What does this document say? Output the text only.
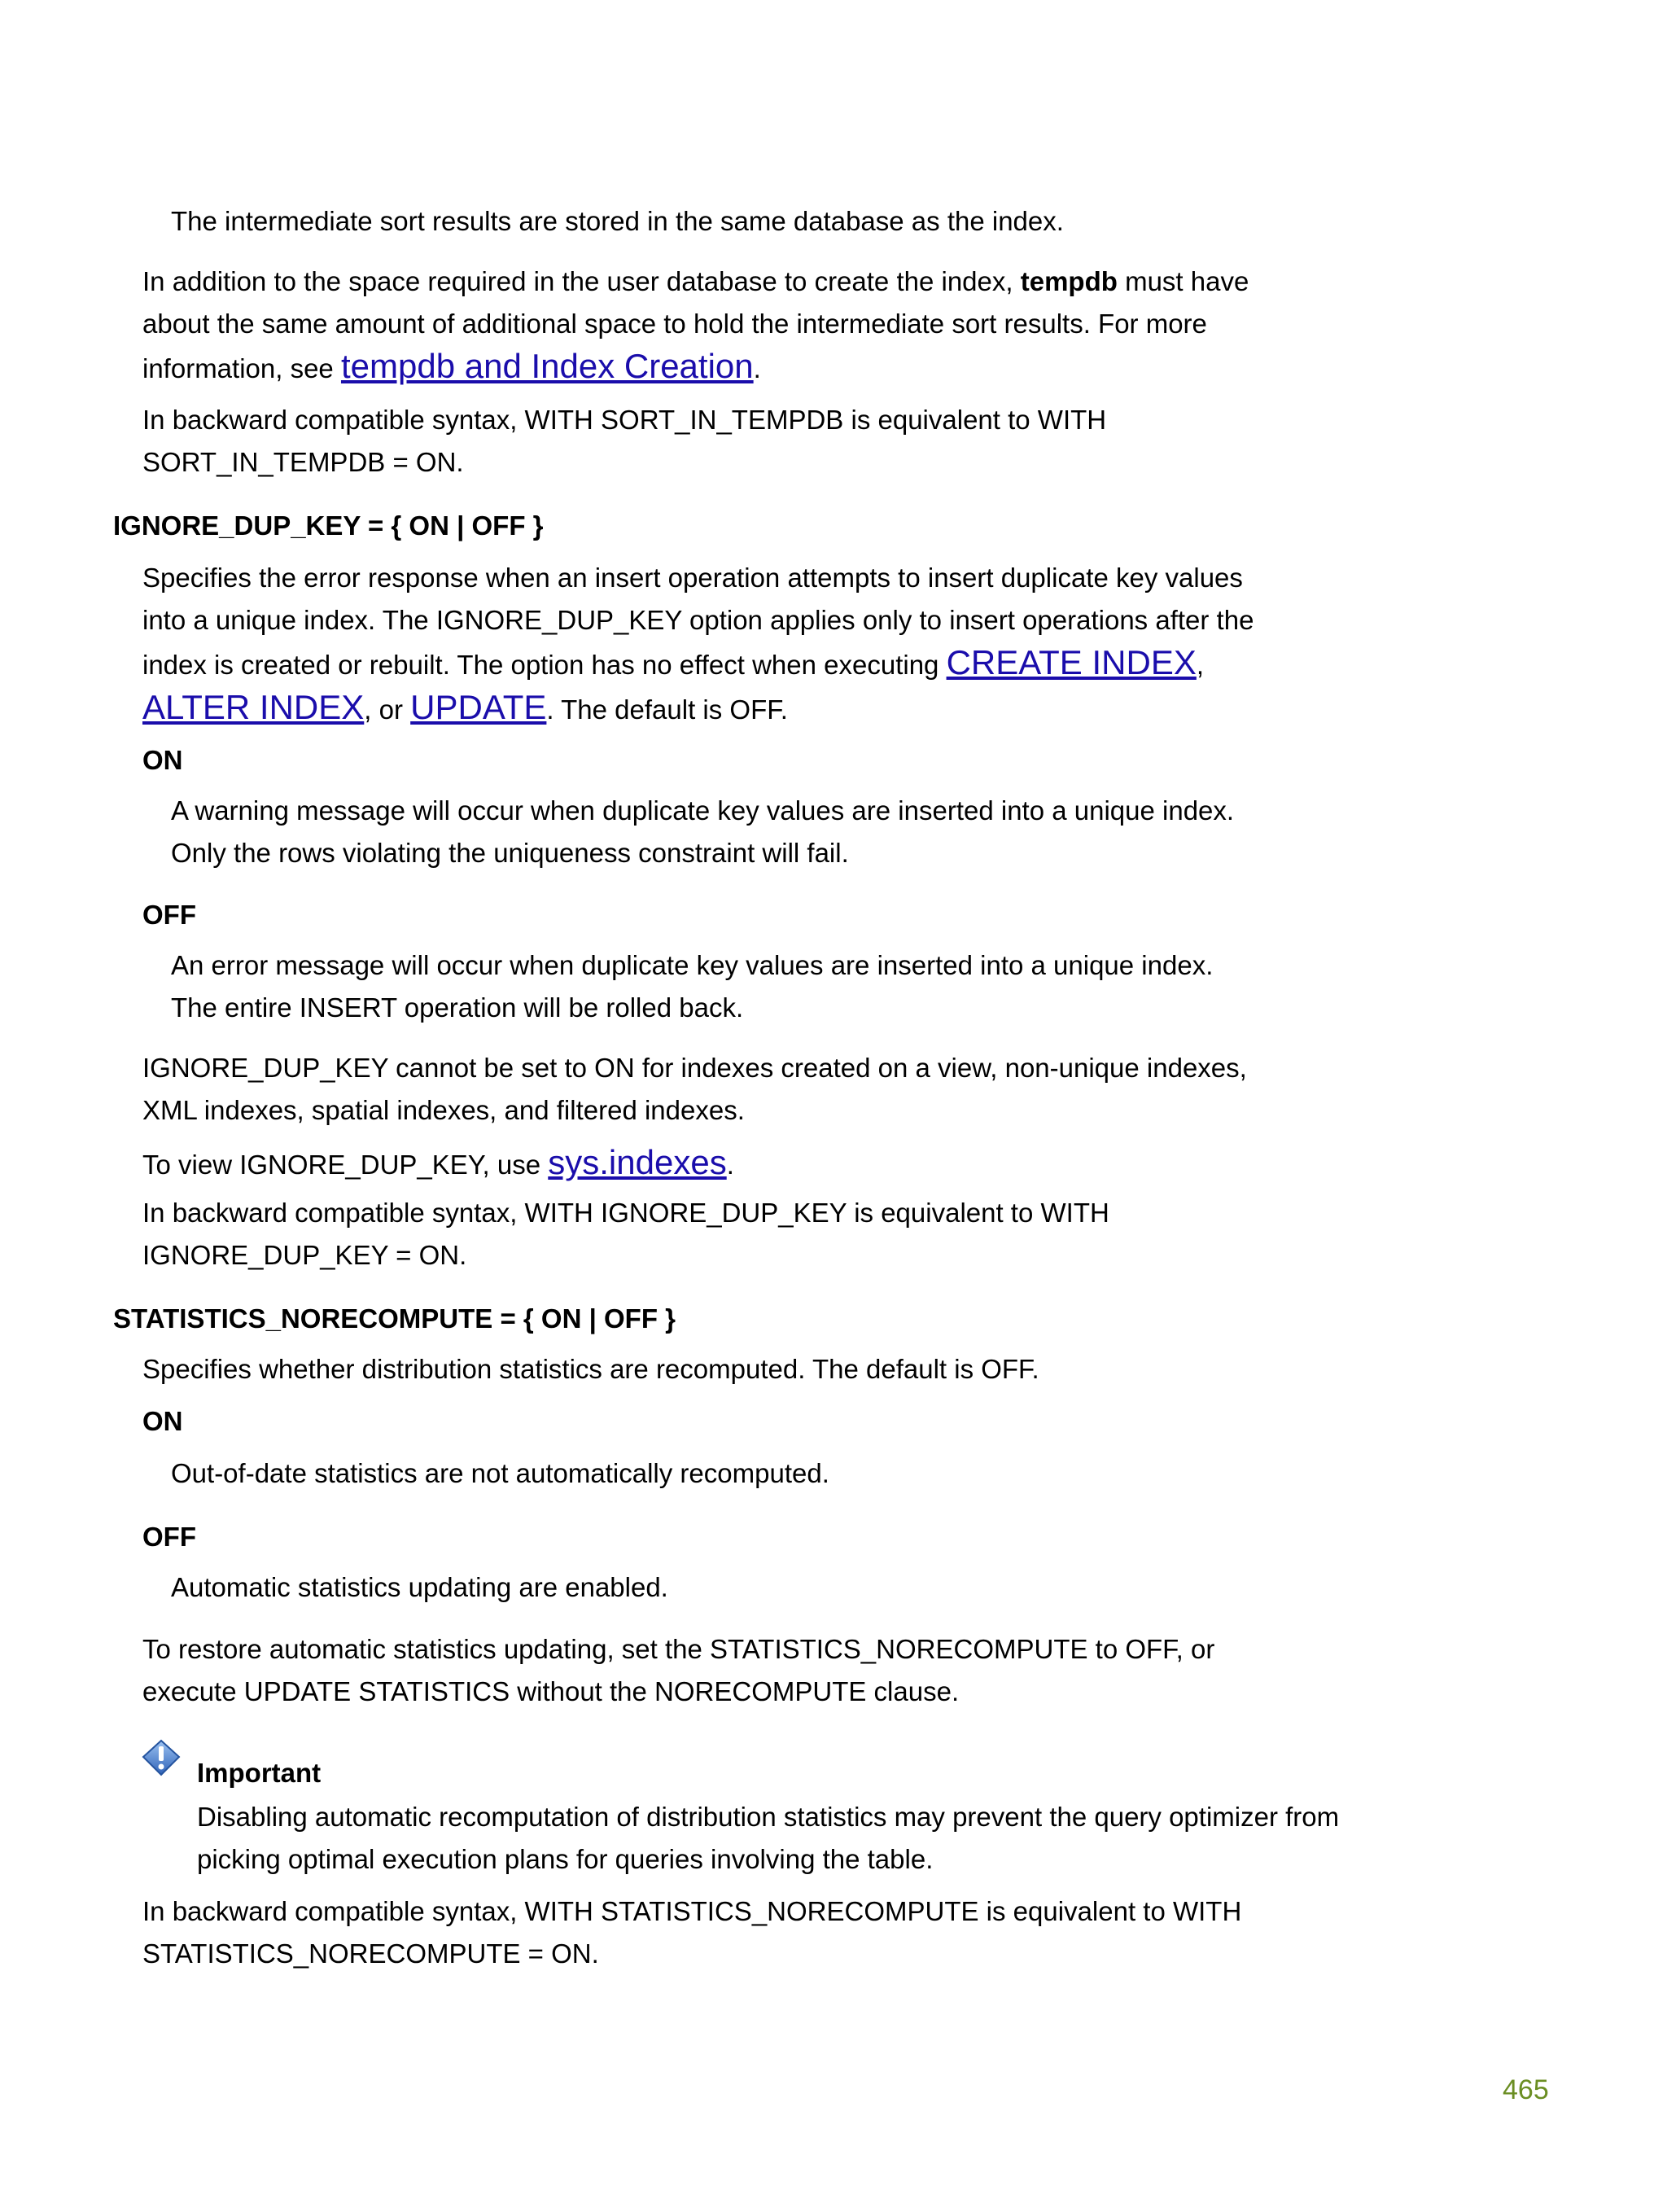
The intermediate sort results are stored in the same database as the index.
In addition to the space required in the user database to create the index, tempdb must have
about the same amount of additional space to hold the intermediate sort results. For more
information, see tempdb and Index Creation.
In backward compatible syntax, WITH SORT_IN_TEMPDB is equivalent to WITH
SORT_IN_TEMPDB = ON.
IGNORE_DUP_KEY = { ON | OFF }
Specifies the error response when an insert operation attempts to insert duplicate key values
into a unique index. The IGNORE_DUP_KEY option applies only to insert operations after the
index is created or rebuilt. The option has no effect when executing CREATE INDEX,
ALTER INDEX, or UPDATE. The default is OFF.
ON
A warning message will occur when duplicate key values are inserted into a unique index.
Only the rows violating the uniqueness constraint will fail.
OFF
An error message will occur when duplicate key values are inserted into a unique index.
The entire INSERT operation will be rolled back.
IGNORE_DUP_KEY cannot be set to ON for indexes created on a view, non-unique indexes,
XML indexes, spatial indexes, and filtered indexes.
To view IGNORE_DUP_KEY, use sys.indexes.
In backward compatible syntax, WITH IGNORE_DUP_KEY is equivalent to WITH
IGNORE_DUP_KEY = ON.
STATISTICS_NORECOMPUTE = { ON | OFF }
Specifies whether distribution statistics are recomputed. The default is OFF.
ON
Out-of-date statistics are not automatically recomputed.
OFF
Automatic statistics updating are enabled.
To restore automatic statistics updating, set the STATISTICS_NORECOMPUTE to OFF, or
execute UPDATE STATISTICS without the NORECOMPUTE clause.
Important
Disabling automatic recomputation of distribution statistics may prevent the query optimizer from
picking optimal execution plans for queries involving the table.
In backward compatible syntax, WITH STATISTICS_NORECOMPUTE is equivalent to WITH
STATISTICS_NORECOMPUTE = ON.
465
